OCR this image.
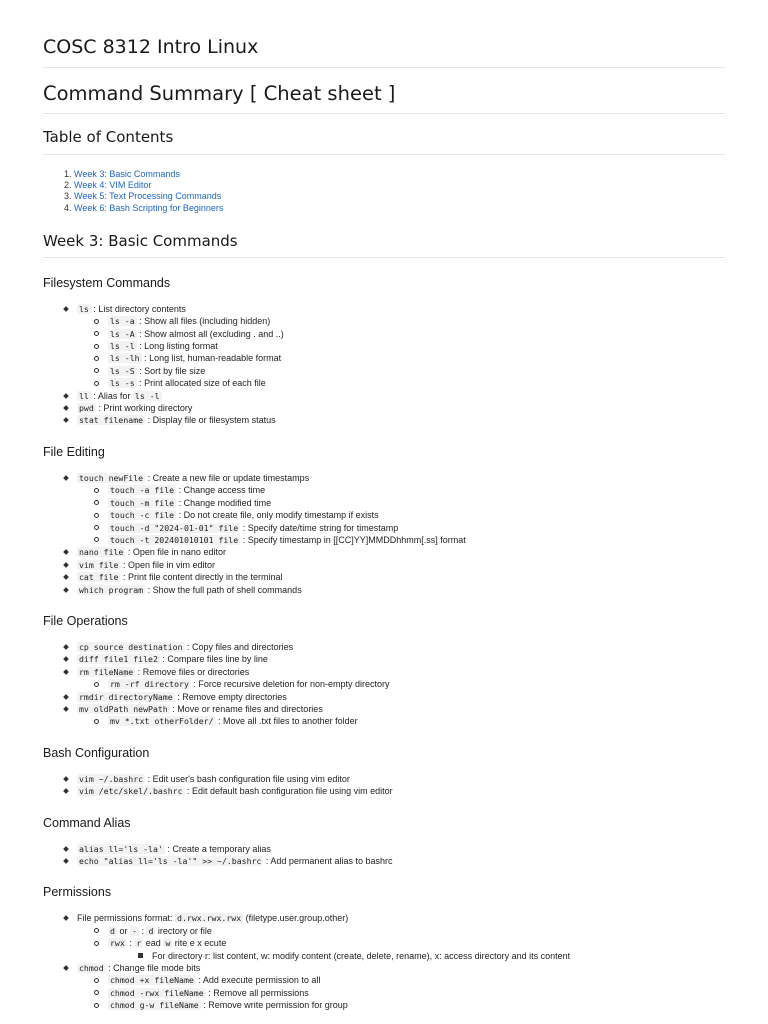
COSC 8312 Intro Linux
Command Summary [ Cheat sheet ]
Table of Contents
1. Week 3: Basic Commands
2. Week 4: VIM Editor
3. Week 5: Text Processing Commands
4. Week 6: Bash Scripting for Beginners
Week 3: Basic Commands
Filesystem Commands
ls : List directory contents
ls -a : Show all files (including hidden)
ls -A : Show almost all (excluding . and ..)
ls -l : Long listing format
ls -lh : Long list, human-readable format
ls -S : Sort by file size
ls -s : Print allocated size of each file
ll : Alias for ls -l
pwd : Print working directory
stat filename : Display file or filesystem status
File Editing
touch newFile : Create a new file or update timestamps
touch -a file : Change access time
touch -m file : Change modified time
touch -c file : Do not create file, only modify timestamp if exists
touch -d "2024-01-01" file : Specify date/time string for timestamp
touch -t 202401010101 file : Specify timestamp in [[CC]YY]MMDDhhmm[.ss] format
nano file : Open file in nano editor
vim file : Open file in vim editor
cat file : Print file content directly in the terminal
which program : Show the full path of shell commands
File Operations
cp source destination : Copy files and directories
diff file1 file2 : Compare files line by line
rm fileName : Remove files or directories
rm -rf directory : Force recursive deletion for non-empty directory
rmdir directoryName : Remove empty directories
mv oldPath newPath : Move or rename files and directories
mv *.txt otherFolder/ : Move all .txt files to another folder
Bash Configuration
vim ~/.bashrc : Edit user's bash configuration file using vim editor
vim /etc/skel/.bashrc : Edit default bash configuration file using vim editor
Command Alias
alias ll='ls -la' : Create a temporary alias
echo "alias ll='ls -la'" >> ~/.bashrc : Add permanent alias to bashrc
Permissions
File permissions format: d.rwx.rwx.rwx (filetype.user.group.other)
d or - : d irectory or file
rwx : r ead w rite e x ecute
For directory r: list content, w: modify content (create, delete, rename), x: access directory and its content
chmod : Change file mode bits
chmod +x fileName : Add execute permission to all
chmod -rwx fileName : Remove all permissions
chmod g-w fileName : Remove write permission for group
